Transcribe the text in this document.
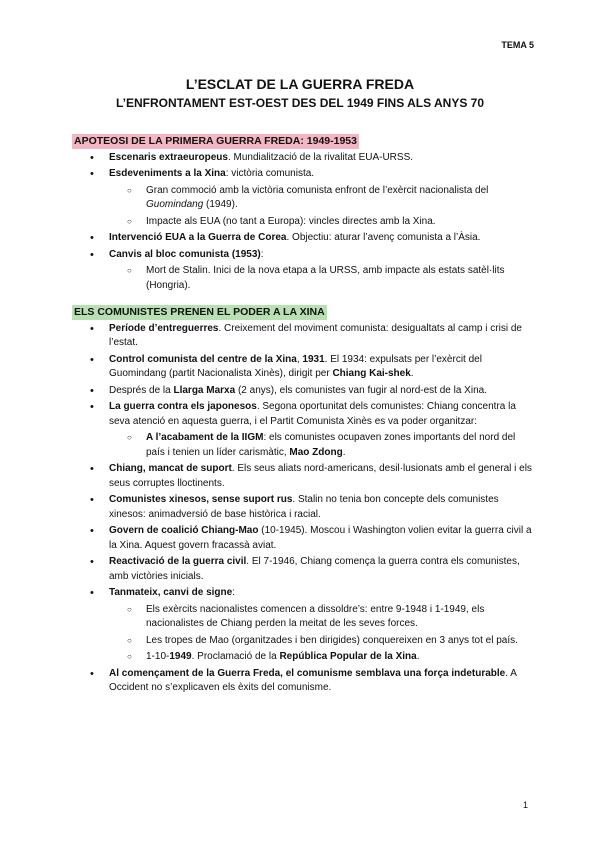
TEMA 5
L’ESCLAT DE LA GUERRA FREDA
L’ENFRONTAMENT EST-OEST DES DEL 1949 FINS ALS ANYS 70
APOTEOSI DE LA PRIMERA GUERRA FREDA: 1949-1953
• Escenaris extraeuropeus. Mundialització de la rivalitat EUA-URSS.
• Esdeveniments a la Xina: victòria comunista.
○ Gran commoció amb la victòria comunista enfront de l’exèrcit nacionalista del Guomindang (1949).
○ Impacte als EUA (no tant a Europa): vincles directes amb la Xina.
• Intervenció EUA a la Guerra de Corea. Objectiu: aturar l’avenç comunista a l’Àsia.
• Canvis al bloc comunista (1953):
○ Mort de Stalin. Inici de la nova etapa a la URSS, amb impacte als estats satèl·lits (Hongria).
ELS COMUNISTES PRENEN EL PODER A LA XINA
• Període d’entreguerres. Creixement del moviment comunista: desigualtats al camp i crisi de l’estat.
• Control comunista del centre de la Xina, 1931. El 1934: expulsats per l’exèrcit del Guomindang (partit Nacionalista Xinès), dirigit per Chiang Kai-shek.
• Després de la Llarga Marxa (2 anys), els comunistes van fugir al nord-est de la Xina.
• La guerra contra els japonesos. Segona oportunitat dels comunistes: Chiang concentra la seva atenció en aquesta guerra, i el Partit Comunista Xinès es va poder organitzar:
○ A l’acabament de la IIGM: els comunistes ocupaven zones importants del nord del país i tenien un líder carismàtic, Mao Zdong.
• Chiang, mancat de suport. Els seus aliats nord-americans, desil·lusionats amb el general i els seus corruptes lloctinents.
• Comunistes xinesos, sense suport rus. Stalin no tenia bon concepte dels comunistes xinesos: animadversió de base històrica i racial.
• Govern de coalició Chiang-Mao (10-1945). Moscou i Washington volien evitar la guerra civil a la Xina. Aquest govern fracassà aviat.
• Reactivació de la guerra civil. El 7-1946, Chiang comença la guerra contra els comunistes, amb victòries inicials.
• Tanmateix, canvi de signe:
○ Els exèrcits nacionalistes comencen a dissoldre’s: entre 9-1948 i 1-1949, els nacionalistes de Chiang perden la meitat de les seves forces.
○ Les tropes de Mao (organitzades i ben dirigides) conquereixen en 3 anys tot el país.
○ 1-10-1949. Proclamació de la República Popular de la Xina.
• Al començament de la Guerra Freda, el comunisme semblava una força indeturable. A Occident no s’explicaven els èxits del comunisme.
1
